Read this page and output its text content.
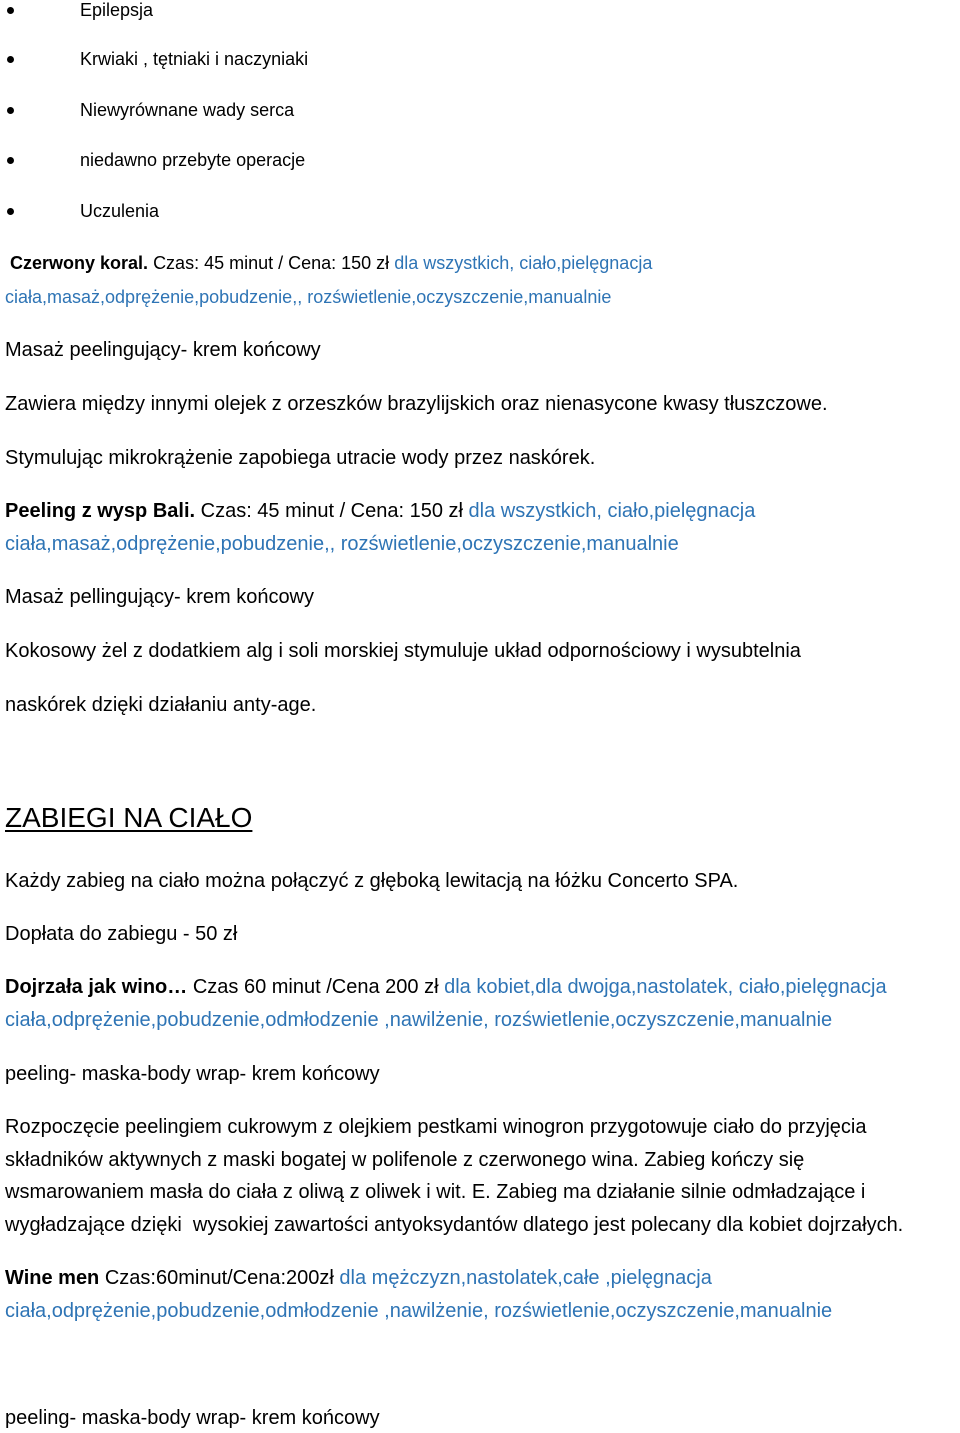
Epilepsja
Krwiaki , tętniaki i naczyniaki
Niewyrównane wady serca
niedawno przebyte operacje
Uczulenia
Czerwony koral. Czas: 45 minut / Cena: 150 zł dla wszystkich, ciało,pielęgnacja
ciała,masaż,odprężenie,pobudzenie,, rozświetlenie,oczyszczenie,manualnie
Masaż peelingujący- krem końcowy
Zawiera między innymi olejek z orzeszków brazylijskich oraz nienasycone kwasy tłuszczowe.
Stymulując mikrokrążenie zapobiega utracie wody przez naskórek.
Peeling z wysp Bali. Czas: 45 minut / Cena: 150 zł dla wszystkich, ciało,pielęgnacja
ciała,masaż,odprężenie,pobudzenie,, rozświetlenie,oczyszczenie,manualnie
Masaż pellingujący- krem końcowy
Kokosowy żel z dodatkiem alg i soli morskiej stymuluje układ odpornościowy i wysubtelnia
naskórek dzięki działaniu anty-age.
ZABIEGI NA CIAŁO
Każdy zabieg na ciało można połączyć z głęboką lewitacją na łóżku Concerto SPA.
Dopłata do zabiegu - 50 zł
Dojrzała jak wino… Czas 60 minut /Cena 200 zł dla kobiet,dla dwojga,nastolatek, ciało,pielęgnacja
ciała,odprężenie,pobudzenie,odmłodzenie ,nawilżenie, rozświetlenie,oczyszczenie,manualnie
peeling- maska-body wrap- krem końcowy
Rozpoczęcie peelingiem cukrowym z olejkiem pestkami winogron przygotowuje ciało do przyjęcia
składników aktywnych z maski bogatej w polifenole z czerwonego wina. Zabieg kończy się
wsmarowaniem masła do ciała z oliwą z oliwek i wit. E. Zabieg ma działanie silnie odmładzające i
wygładzające dzięki  wysokiej zawartości antyoksydantów dlatego jest polecany dla kobiet dojrzałych.
Wine men Czas:60minut/Cena:200zł dla mężczyzn,nastolatek,całe ,pielęgnacja
ciała,odprężenie,pobudzenie,odmłodzenie ,nawilżenie, rozświetlenie,oczyszczenie,manualnie
peeling- maska-body wrap- krem końcowy
